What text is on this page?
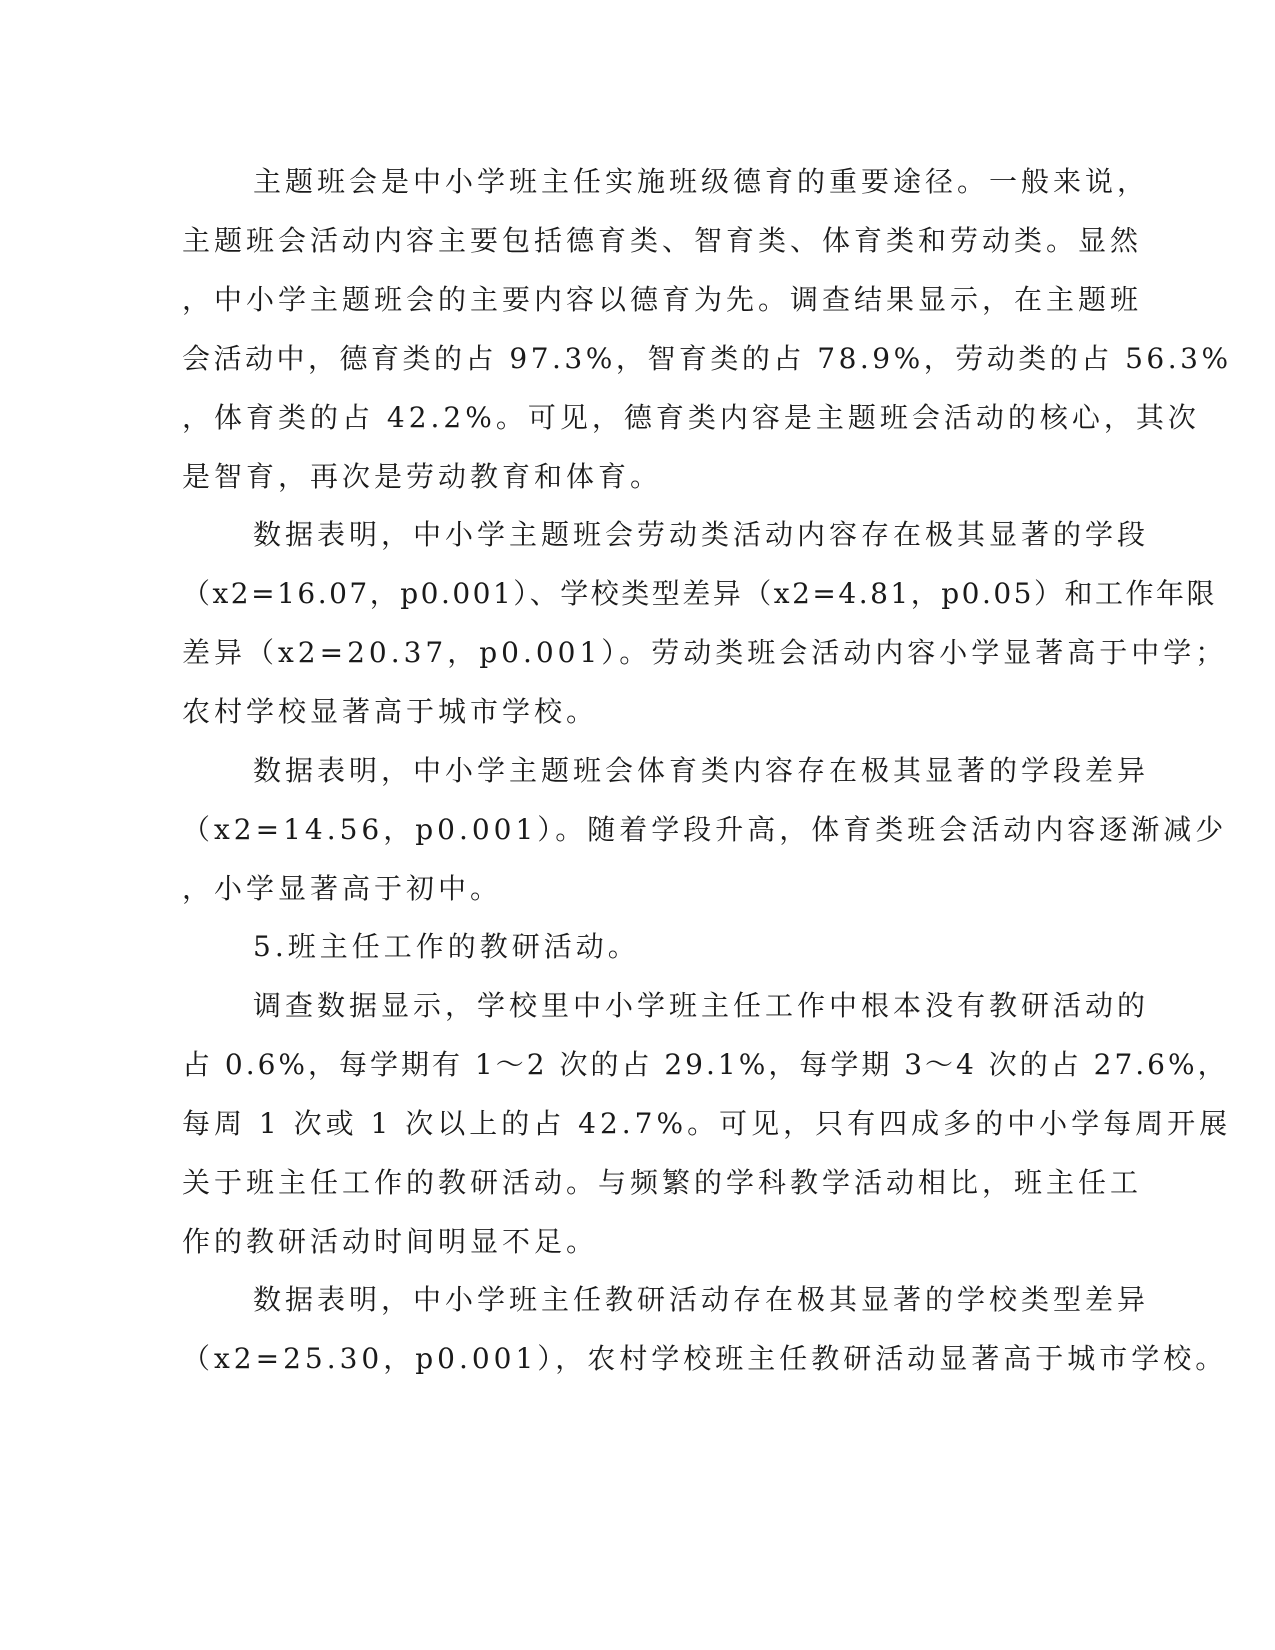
主题班会是中小学班主任实施班级德育的重要途径。一般来说，
主题班会活动内容主要包括德育类、智育类、体育类和劳动类。显然
，中小学主题班会的主要内容以德育为先。调查结果显示，在主题班
会活动中，德育类的占 97.3%，智育类的占 78.9%，劳动类的占 56.3%
，体育类的占 42.2%。可见，德育类内容是主题班会活动的核心，其次
是智育，再次是劳动教育和体育。
数据表明，中小学主题班会劳动类活动内容存在极其显著的学段
（x2=16.07，p0.001）、学校类型差异（x2=4.81，p0.05）和工作年限
差异（x2=20.37，p0.001）。劳动类班会活动内容小学显著高于中学；
农村学校显著高于城市学校。
数据表明，中小学主题班会体育类内容存在极其显著的学段差异
（x2=14.56，p0.001）。随着学段升高，体育类班会活动内容逐渐减少
，小学显著高于初中。
5.班主任工作的教研活动。
调查数据显示，学校里中小学班主任工作中根本没有教研活动的
占 0.6%，每学期有 1～2 次的占 29.1%，每学期 3～4 次的占 27.6%，
每周 1 次或 1 次以上的占 42.7%。可见，只有四成多的中小学每周开展
关于班主任工作的教研活动。与频繁的学科教学活动相比，班主任工
作的教研活动时间明显不足。
数据表明，中小学班主任教研活动存在极其显著的学校类型差异
（x2=25.30，p0.001），农村学校班主任教研活动显著高于城市学校。
